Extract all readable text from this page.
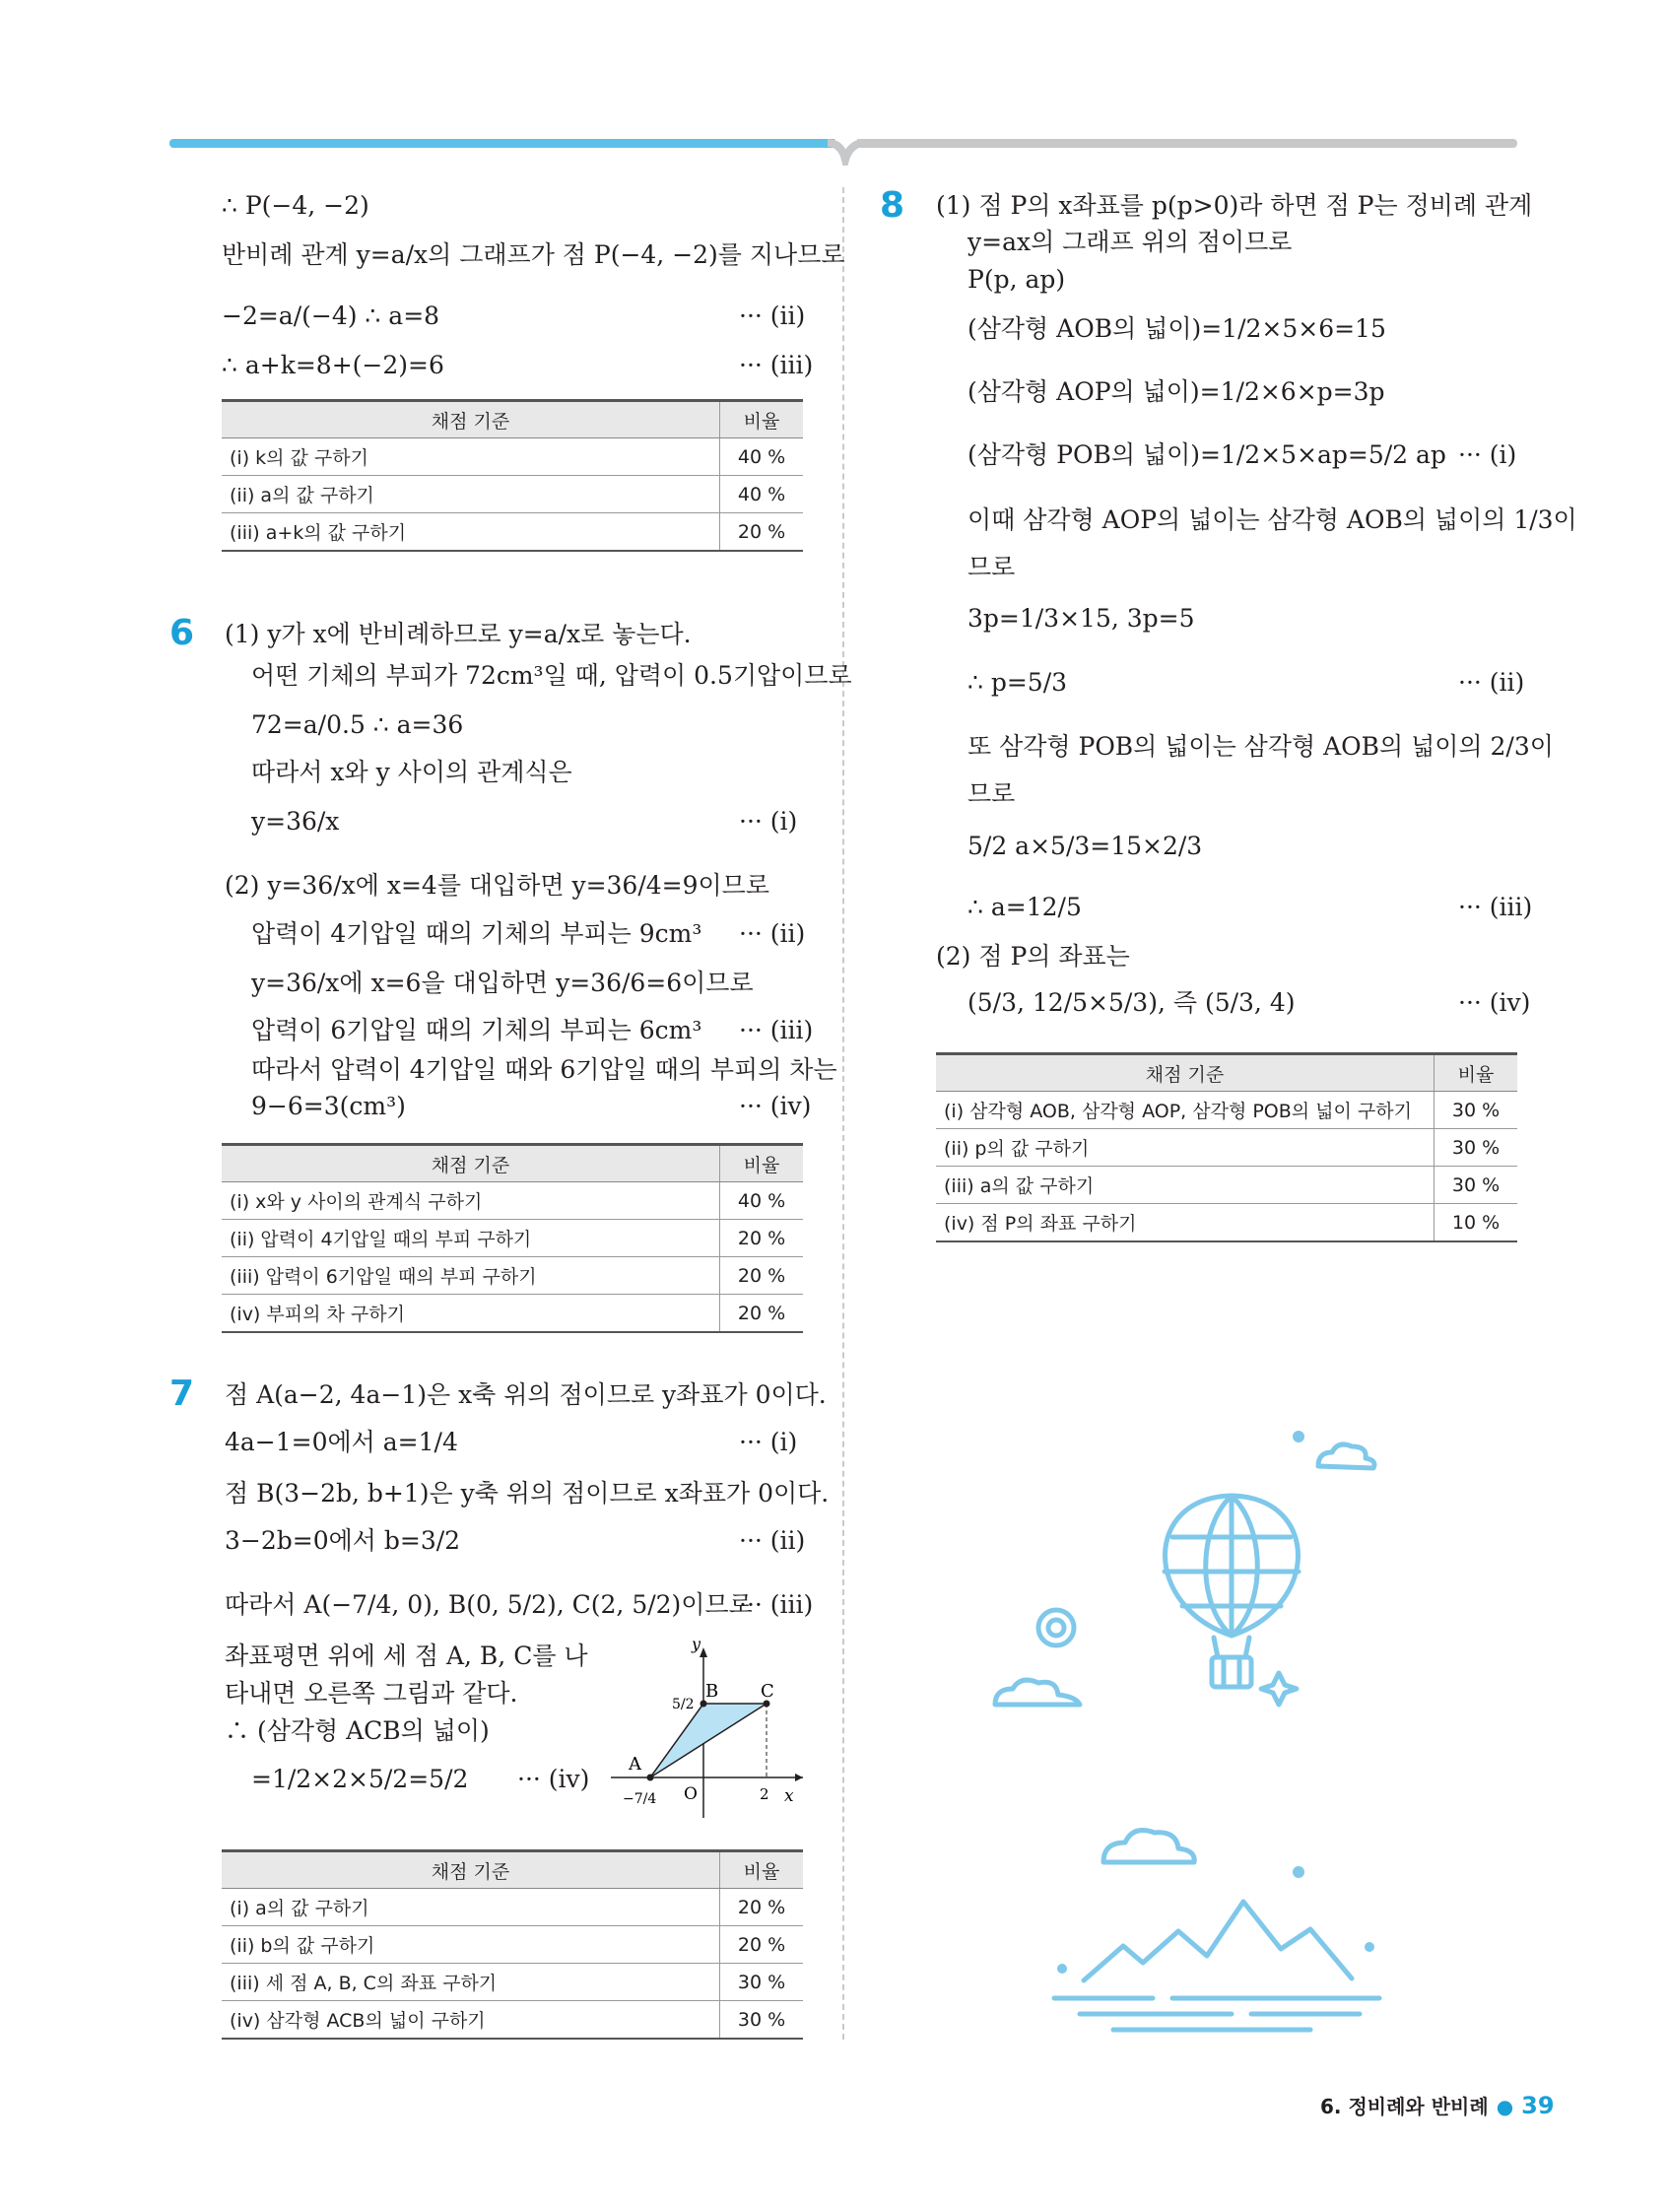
∴ P(−4, −2)
반비례 관계 y=a/x의 그래프가 점 P(−4, −2)를 지나므로
−2=a/(−4) ∴ a=8	··· (ii)
∴ a+k=8+(−2)=6	··· (iii)
채점 기준	비율
(i) k의 값 구하기	40 %
(ii) a의 값 구하기	40 %
(iii) a+k의 값 구하기	20 %
6 (1) y가 x에 반비례하므로 y=a/x로 놓는다.
어떤 기체의 부피가 72cm³일 때, 압력이 0.5기압이므로
72=a/0.5 ∴ a=36
따라서 x와 y 사이의 관계식은
y=36/x	··· (i)
(2) y=36/x에 x=4를 대입하면 y=36/4=9이므로
압력이 4기압일 때의 기체의 부피는 9cm³ ··· (ii)
y=36/x에 x=6을 대입하면 y=36/6=6이므로
압력이 6기압일 때의 기체의 부피는 6cm³ ··· (iii)
따라서 압력이 4기압일 때와 6기압일 때의 부피의 차는
9−6=3(cm³)	··· (iv)
채점 기준	비율
(i) x와 y 사이의 관계식 구하기	40 %
(ii) 압력이 4기압일 때의 부피 구하기	20 %
(iii) 압력이 6기압일 때의 부피 구하기	20 %
(iv) 부피의 차 구하기	20 %
7 점 A(a−2, 4a−1)은 x축 위의 점이므로 y좌표가 0이다.
4a−1=0에서 a=1/4	··· (i)
점 B(3−2b, b+1)은 y축 위의 점이므로 x좌표가 0이다.
3−2b=0에서 b=3/2	··· (ii)
따라서 A(−7/4, 0), B(0, 5/2), C(2, 5/2)이므로
··· (iii)
좌표평면 위에 세 점 A, B, C를 나
타내면 오른쪽 그림과 같다.
∴ (삼각형 ACB의 넓이)
=1/2×2×5/2=5/2 ··· (iv)
y
x
O
A
B C
5/2
−7/4	2
채점 기준	비율
(i) a의 값 구하기	20 %
(ii) b의 값 구하기	20 %
(iii) 세 점 A, B, C의 좌표 구하기	30 %
(iv) 삼각형 ACB의 넓이 구하기	30 %
8 (1) 점 P의 x좌표를 p(p>0)라 하면 점 P는 정비례 관계
y=ax의 그래프 위의 점이므로
P(p, ap)
(삼각형 AOB의 넓이)=1/2×5×6=15
(삼각형 AOP의 넓이)=1/2×6×p=3p
(삼각형 POB의 넓이)=1/2×5×ap=5/2 ap ··· (i)
이때 삼각형 AOP의 넓이는 삼각형 AOB의 넓이의 1/3이
므로
3p=1/3×15, 3p=5
∴ p=5/3	··· (ii)
또 삼각형 POB의 넓이는 삼각형 AOB의 넓이의 2/3이
므로
5/2 a×5/3=15×2/3
∴ a=12/5	··· (iii)
(2) 점 P의 좌표는
(5/3, 12/5×5/3), 즉 (5/3, 4)	··· (iv)
채점 기준	비율
(i) 삼각형 AOB, 삼각형 AOP, 삼각형 POB의 넓이 구하기	30 %
(ii) p의 값 구하기	30 %
(iii) a의 값 구하기	30 %
(iv) 점 P의 좌표 구하기	10 %
6. 정비례와 반비례 ● 39
